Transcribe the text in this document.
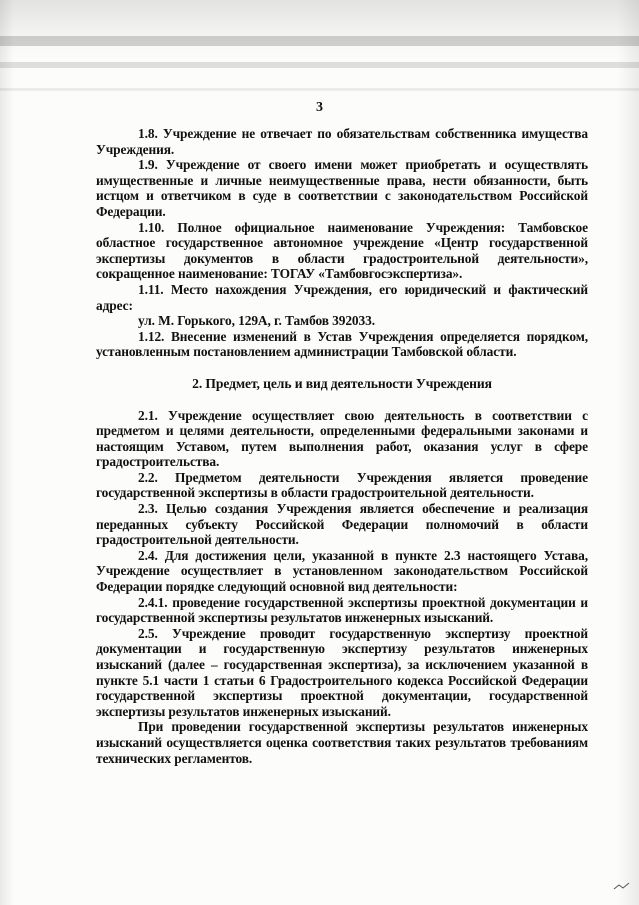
3

1.8. Учреждение не отвечает по обязательствам собственника имущества Учреждения.

1.9. Учреждение от своего имени может приобретать и осуществлять имущественные и личные неимущественные права, нести обязанности, быть истцом и ответчиком в суде в соответствии с законодательством Российской Федерации.

1.10. Полное официальное наименование Учреждения: Тамбовское областное государственное автономное учреждение «Центр государственной экспертизы документов в области градостроительной деятельности», сокращенное наименование: ТОГАУ «Тамбовгосэкспертиза».

1.11. Место нахождения Учреждения, его юридический и фактический адрес:

ул. М. Горького, 129А, г. Тамбов 392033.

1.12. Внесение изменений в Устав Учреждения определяется порядком, установленным постановлением администрации Тамбовской области.

2. Предмет, цель и вид деятельности Учреждения

2.1. Учреждение осуществляет свою деятельность в соответствии с предметом и целями деятельности, определенными федеральными законами и настоящим Уставом, путем выполнения работ, оказания услуг в сфере градостроительства.

2.2. Предметом деятельности Учреждения является проведение государственной экспертизы в области градостроительной деятельности.

2.3. Целью создания Учреждения является обеспечение и реализация переданных субъекту Российской Федерации полномочий в области градостроительной деятельности.

2.4. Для достижения цели, указанной в пункте 2.3 настоящего Устава, Учреждение осуществляет в установленном законодательством Российской Федерации порядке следующий основной вид деятельности:

2.4.1. проведение государственной экспертизы проектной документации и государственной экспертизы результатов инженерных изысканий.

2.5. Учреждение проводит государственную экспертизу проектной документации и государственную экспертизу результатов инженерных изысканий (далее – государственная экспертиза), за исключением указанной в пункте 5.1 части 1 статьи 6 Градостроительного кодекса Российской Федерации государственной экспертизы проектной документации, государственной экспертизы результатов инженерных изысканий.

При проведении государственной экспертизы результатов инженерных изысканий осуществляется оценка соответствия таких результатов требованиям технических регламентов.
